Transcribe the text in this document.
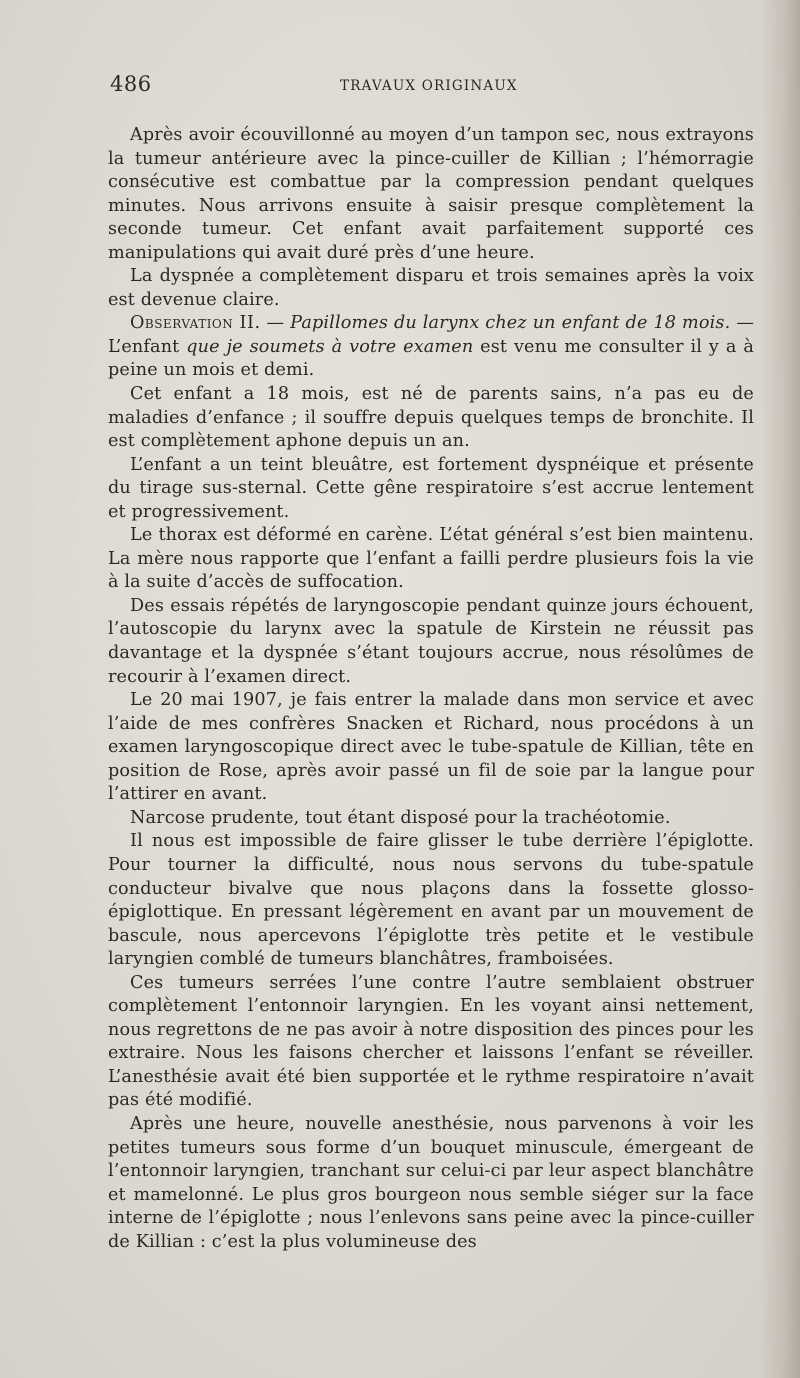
486	TRAVAUX ORIGINAUX

Après avoir écouvillonné au moyen d’un tampon sec, nous extrayons la tumeur antérieure avec la pince-cuiller de Killian ; l’hémorragie consécutive est combattue par la compression pendant quelques minutes. Nous arrivons ensuite à saisir presque complètement la seconde tumeur. Cet enfant avait parfaitement supporté ces manipulations qui avait duré près d’une heure.

La dyspnée a complètement disparu et trois semaines après la voix est devenue claire.

Observation II. — Papillomes du larynx chez un enfant de 18 mois. — L’enfant que je soumets à votre examen est venu me consulter il y a à peine un mois et demi.

Cet enfant a 18 mois, est né de parents sains, n’a pas eu de maladies d’enfance ; il souffre depuis quelques temps de bronchite. Il est complètement aphone depuis un an.

L’enfant a un teint bleuâtre, est fortement dyspnéique et présente du tirage sus-sternal. Cette gêne respiratoire s’est accrue lentement et progressivement.

Le thorax est déformé en carène. L’état général s’est bien maintenu. La mère nous rapporte que l’enfant a failli perdre plusieurs fois la vie à la suite d’accès de suffocation.

Des essais répétés de laryngoscopie pendant quinze jours échouent, l’autoscopie du larynx avec la spatule de Kirstein ne réussit pas davantage et la dyspnée s’étant toujours accrue, nous résolûmes de recourir à l’examen direct.

Le 20 mai 1907, je fais entrer la malade dans mon service et avec l’aide de mes confrères Snacken et Richard, nous procédons à un examen laryngoscopique direct avec le tube-spatule de Killian, tête en position de Rose, après avoir passé un fil de soie par la langue pour l’attirer en avant.

Narcose prudente, tout étant disposé pour la trachéotomie.

Il nous est impossible de faire glisser le tube derrière l’épiglotte. Pour tourner la difficulté, nous nous servons du tube-spatule conducteur bivalve que nous plaçons dans la fossette glosso-épiglottique. En pressant légèrement en avant par un mouvement de bascule, nous apercevons l’épiglotte très petite et le vestibule laryngien comblé de tumeurs blanchâtres, framboisées.

Ces tumeurs serrées l’une contre l’autre semblaient obstruer complètement l’entonnoir laryngien. En les voyant ainsi nettement, nous regrettons de ne pas avoir à notre disposition des pinces pour les extraire. Nous les faisons chercher et laissons l’enfant se réveiller. L’anesthésie avait été bien supportée et le rythme respiratoire n’avait pas été modifié.

Après une heure, nouvelle anesthésie, nous parvenons à voir les petites tumeurs sous forme d’un bouquet minuscule, émergeant de l’entonnoir laryngien, tranchant sur celui-ci par leur aspect blanchâtre et mamelonné. Le plus gros bourgeon nous semble siéger sur la face interne de l’épiglotte ; nous l’enlevons sans peine avec la pince-cuiller de Killian : c’est la plus volumineuse des
